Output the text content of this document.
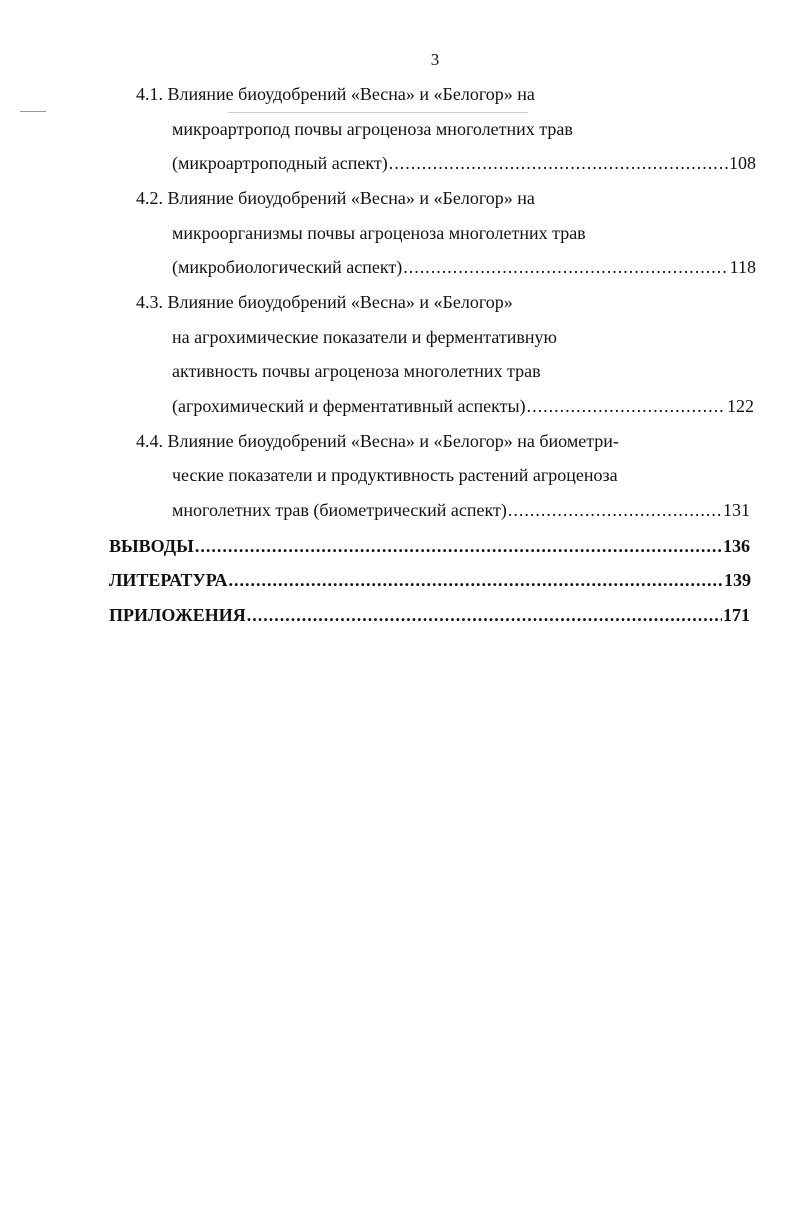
3
4.1. Влияние биоудобрений «Весна» и «Белогор» на
микроартропод почвы агроценоза многолетних трав
(микроартроподный аспект) .....	108
4.2. Влияние биоудобрений «Весна» и «Белогор» на
микроорганизмы почвы агроценоза многолетних трав
(микробиологический аспект) .....	118
4.3. Влияние биоудобрений «Весна» и «Белогор»
на агрохимические показатели и ферментативную
активность почвы агроценоза многолетних трав
(агрохимический и ферментативный аспекты) .....	122
4.4. Влияние биоудобрений «Весна» и «Белогор» на биометри-
ческие показатели и продуктивность растений агроценоза
многолетних трав (биометрический аспект) .....	131
ВЫВОДЫ .....	136
ЛИТЕРАТУРА .....	139
ПРИЛОЖЕНИЯ .....	171
